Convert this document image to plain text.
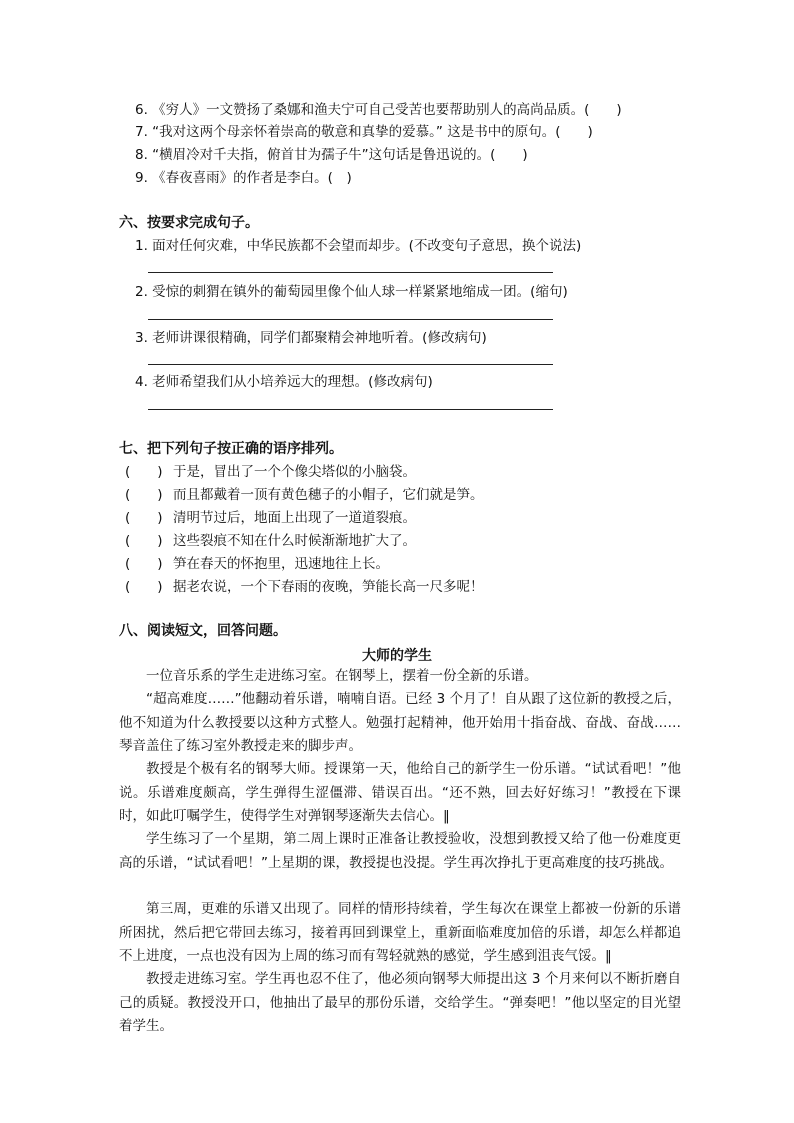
6. 《穷人》一文赞扬了桑娜和渔夫宁可自己受苦也要帮助别人的高尚品质。(　　)
7. “我对这两个母亲怀着崇高的敬意和真挚的爱慕。” 这是书中的原句。(　　)
8. “横眉冷对千夫指，俯首甘为孺子牛”这句话是鲁迅说的。(　　)
9. 《春夜喜雨》的作者是李白。(　)
六、按要求完成句子。
1. 面对任何灾难，中华民族都不会望而却步。(不改变句子意思，换个说法)
2. 受惊的刺猬在镇外的葡萄园里像个仙人球一样紧紧地缩成一团。(缩句)
3. 老师讲课很精确，同学们都聚精会神地听着。(修改病句)
4. 老师希望我们从小培养远大的理想。(修改病句)
七、把下列句子按正确的语序排列。
(　　) 于是，冒出了一个个像尖塔似的小脑袋。
(　　) 而且都戴着一顶有黄色穗子的小帽子，它们就是笋。
(　　) 清明节过后，地面上出现了一道道裂痕。
(　　) 这些裂痕不知在什么时候渐渐地扩大了。
(　　) 笋在春天的怀抱里，迅速地往上长。
(　　) 据老农说，一个下春雨的夜晚，笋能长高一尺多呢！
八、阅读短文，回答问题。
大师的学生
一位音乐系的学生走进练习室。在钢琴上，摆着一份全新的乐谱。
“超高难度……”他翻动着乐谱，喃喃自语。已经 3 个月了！自从跟了这位新的教授之后，他不知道为什么教授要以这种方式整人。勉强打起精神，他开始用十指奋战、奋战、奋战……琴音盖住了练习室外教授走来的脚步声。
教授是个极有名的钢琴大师。授课第一天，他给自己的新学生一份乐谱。“试试看吧！”他说。乐谱难度颇高，学生弹得生涩僵滞、错误百出。“还不熟，回去好好练习！”教授在下课时，如此叮嘱学生，使得学生对弹钢琴逐渐失去信心。‖
学生练习了一个星期，第二周上课时正准备让教授验收，没想到教授又给了他一份难度更高的乐谱，“试试看吧！”上星期的课，教授提也没提。学生再次挣扎于更高难度的技巧挑战。
第三周，更难的乐谱又出现了。同样的情形持续着，学生每次在课堂上都被一份新的乐谱所困扰，然后把它带回去练习，接着再回到课堂上，重新面临难度加倍的乐谱，却怎么样都追不上进度，一点也没有因为上周的练习而有驾轻就熟的感觉，学生感到沮丧气馁。‖
教授走进练习室。学生再也忍不住了，他必须向钢琴大师提出这 3 个月来何以不断折磨自己的质疑。教授没开口，他抽出了最早的那份乐谱，交给学生。“弹奏吧！”他以坚定的目光望着学生。
